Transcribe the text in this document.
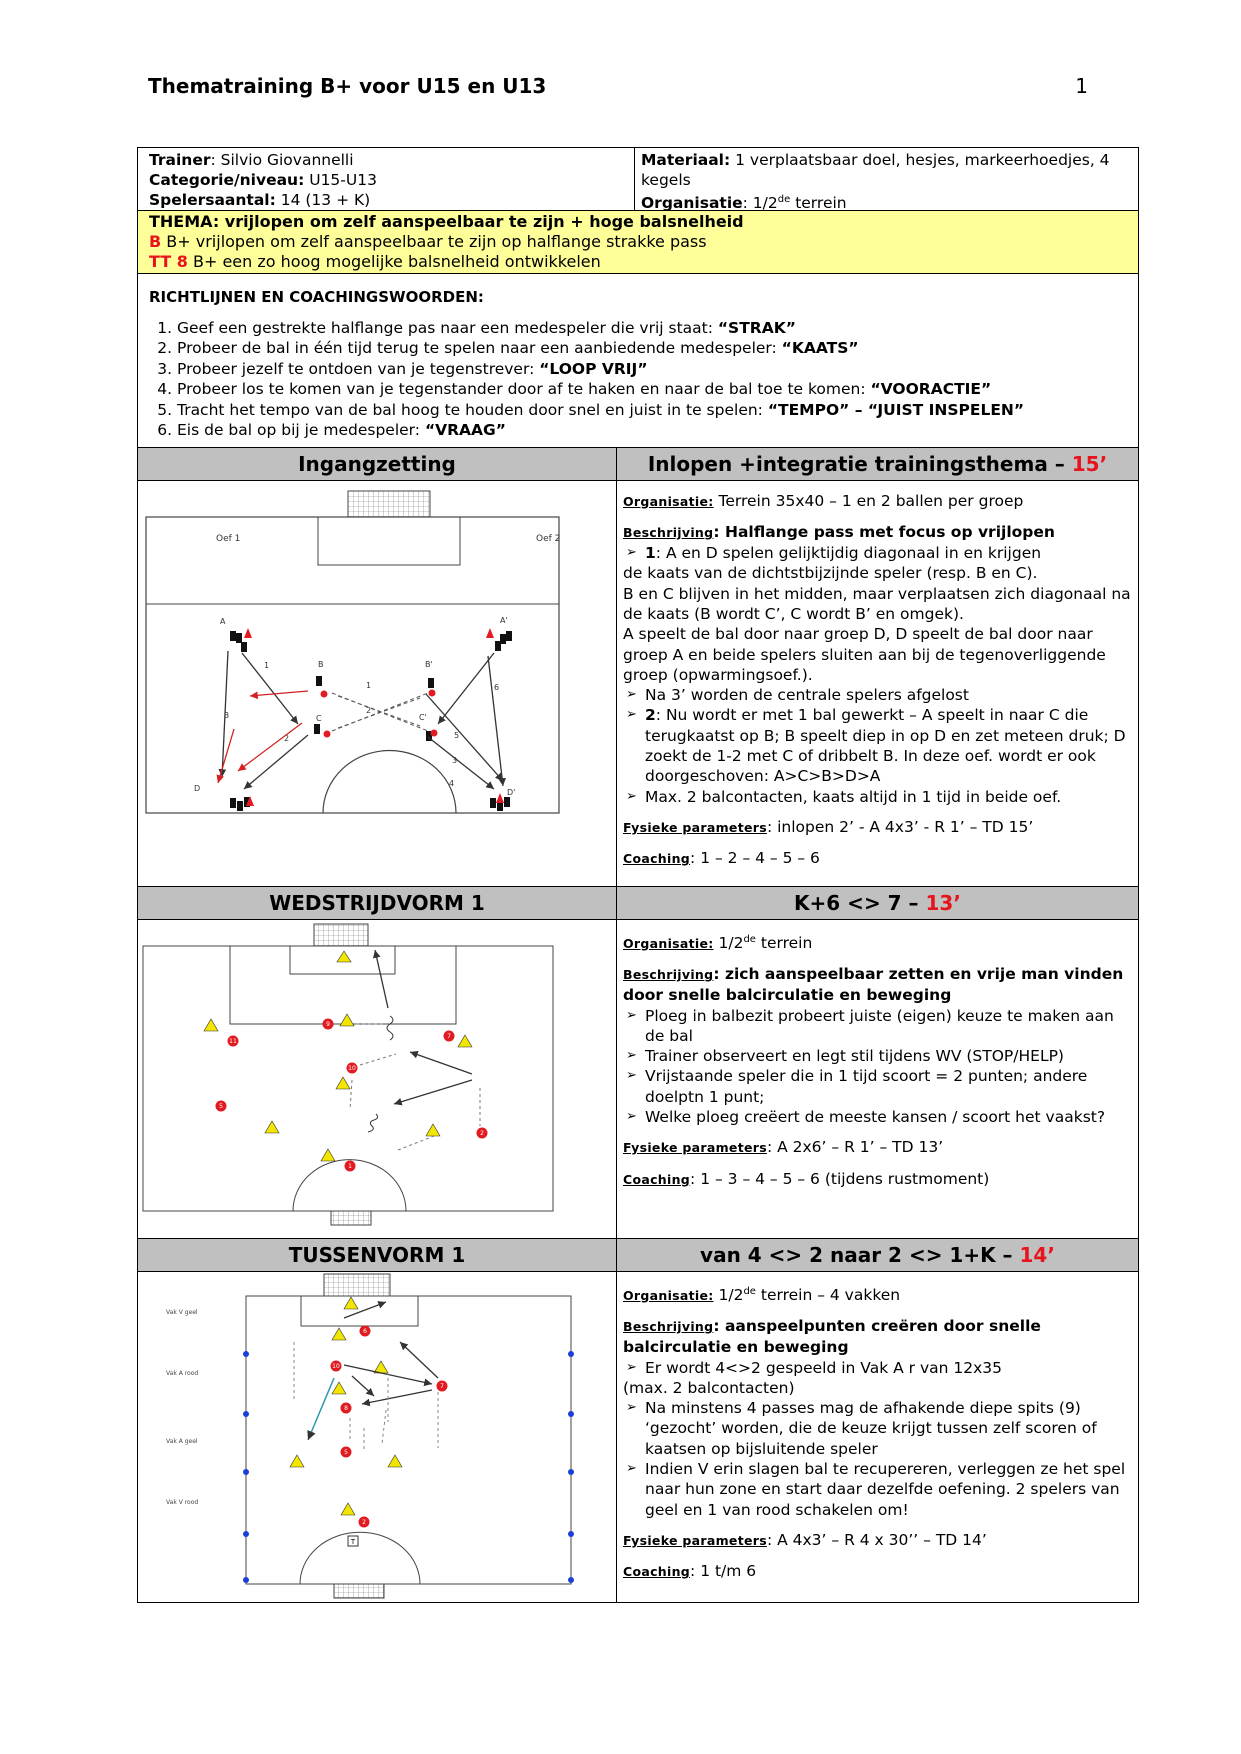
Thematraining B+ voor U15 en U13	1
Trainer: Silvio Giovannelli
Categorie/niveau: U15-U13
Spelersaantal: 14 (13 + K)
Materiaal: 1 verplaatsbaar doel, hesjes, markeerhoedjes, 4 kegels
Organisatie: 1/2de terrein
THEMA: vrijlopen om zelf aanspeelbaar te zijn + hoge balsnelheid
B B+ vrijlopen om zelf aanspeelbaar te zijn op halflange strakke pass
TT 8 B+ een zo hoog mogelijke balsnelheid ontwikkelen
RICHTLIJNEN EN COACHINGSWOORDEN:
1. Geef een gestrekte halflange pas naar een medespeler die vrij staat: “STRAK”
2. Probeer de bal in één tijd terug te spelen naar een aanbiedende medespeler: “KAATS”
3. Probeer jezelf te ontdoen van je tegenstrever: “LOOP VRIJ”
4. Probeer los te komen van je tegenstander door af te haken en naar de bal toe te komen: “VOORACTIE”
5. Tracht het tempo van de bal hoog te houden door snel en juist in te spelen: “TEMPO” – “JUIST INSPELEN”
6. Eis de bal op bij je medespeler: “VRAAG”
Ingangzetting	Inlopen +integratie trainingsthema – 15’
Oef 1	Oef 2
A
B
C
D
A'
B'
C'
D'
1
2
3
1
2
3
4
5
6

Organisatie: Terrein 35x40 – 1 en 2 ballen per groep

Beschrijving: Halflange pass met focus op vrijlopen
➢ 1: A en D spelen gelijktijdig diagonaal in en krijgen
de kaats van de dichtstbijzijnde speler (resp. B en C).
B en C blijven in het midden, maar verplaatsen zich diagonaal na de kaats (B wordt C’, C wordt B’ en omgek).
A speelt de bal door naar groep D, D speelt de bal door naar groep A en beide spelers sluiten aan bij de tegenoverliggende groep (opwarmingsoef.).
➢ Na 3’ worden de centrale spelers afgelost
➢ 2: Nu wordt er met 1 bal gewerkt – A speelt in naar C die terugkaatst op B; B speelt diep in op D en zet meteen druk; D zoekt de 1-2 met C of dribbelt B. In deze oef. wordt er ook doorgeschoven: A>C>B>D>A
➢ Max. 2 balcontacten, kaats altijd in 1 tijd in beide oef.

Fysieke parameters: inlopen 2’ - A 4x3’ - R 1’ – TD 15’

Coaching: 1 – 2 – 4 – 5 – 6

WEDSTRIJDVORM 1	K+6 <> 7 – 13’
9
11
7
10
5
2
1

Organisatie: 1/2de terrein

Beschrijving: zich aanspeelbaar zetten en vrije man vinden door snelle balcirculatie en beweging
➢ Ploeg in balbezit probeert juiste (eigen) keuze te maken aan de bal
➢ Trainer observeert en legt stil tijdens WV (STOP/HELP)
➢ Vrijstaande speler die in 1 tijd scoort = 2 punten; andere doelptn 1 punt;
➢ Welke ploeg creëert de meeste kansen / scoort het vaakst?

Fysieke parameters: A 2x6’ – R 1’ – TD 13’

Coaching: 1 – 3 – 4 – 5 – 6 (tijdens rustmoment)

TUSSENVORM 1	van 4 <> 2 naar 2 <> 1+K – 14’
Vak V geel
Vak A rood
Vak A geel
Vak V rood
6
10
7
8
5
2
T

Organisatie: 1/2de terrein – 4 vakken

Beschrijving: aanspeelpunten creëren door snelle balcirculatie en beweging
➢ Er wordt 4<>2 gespeeld in Vak A r van 12x35
(max. 2 balcontacten)
➢ Na minstens 4 passes mag de afhakende diepe spits (9) ‘gezocht’ worden, die de keuze krijgt tussen zelf scoren of kaatsen op bijsluitende speler
➢ Indien V erin slagen bal te recupereren, verleggen ze het spel naar hun zone en start daar dezelfde oefening. 2 spelers van geel en 1 van rood schakelen om!

Fysieke parameters: A 4x3’ – R 4 x 30’’ – TD 14’

Coaching: 1 t/m 6
